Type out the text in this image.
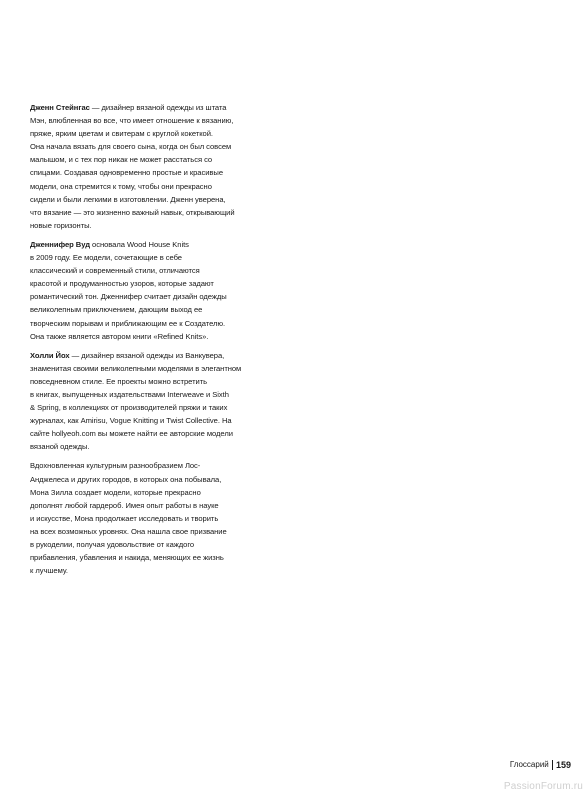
Дженн Стейнгас — дизайнер вязаной одежды из штата
Мэн, влюбленная во все, что имеет отношение к вязанию,
пряже, ярким цветам и свитерам с круглой кокеткой.
Она начала вязать для своего сына, когда он был совсем
малышом, и с тех пор никак не может расстаться со
спицами. Создавая одновременно простые и красивые
модели, она стремится к тому, чтобы они прекрасно
сидели и были легкими в изготовлении. Дженн уверена,
что вязание — это жизненно важный навык, открывающий
новые горизонты.

Дженнифер Вуд основала Wood House Knits
в 2009 году. Ее модели, сочетающие в себе
классический и современный стили, отличаются
красотой и продуманностью узоров, которые задают
романтический тон. Дженнифер считает дизайн одежды
великолепным приключением, дающим выход ее
творческим порывам и приближающим ее к Создателю.
Она также является автором книги «Refined Knits».

Холли Йох — дизайнер вязаной одежды из Ванкувера,
знаменитая своими великолепными моделями в элегантном
повседневном стиле. Ее проекты можно встретить
в книгах, выпущенных издательствами Interweave и Sixth
& Spring, в коллекциях от производителей пряжи и таких
журналах, как Amirisu, Vogue Knitting и Twist Collective. На
сайте hollyeoh.com вы можете найти ее авторские модели
вязаной одежды.

Вдохновленная культурным разнообразием Лос-
Анджелеса и других городов, в которых она побывала,
Мона Зилла создает модели, которые прекрасно
дополнят любой гардероб. Имея опыт работы в науке
и искусстве, Мона продолжает исследовать и творить
на всех возможных уровнях. Она нашла свое призвание
в рукоделии, получая удовольствие от каждого
прибавления, убавления и накида, меняющих ее жизнь
к лучшему.

Глоссарий 159
PassionForum.ru
